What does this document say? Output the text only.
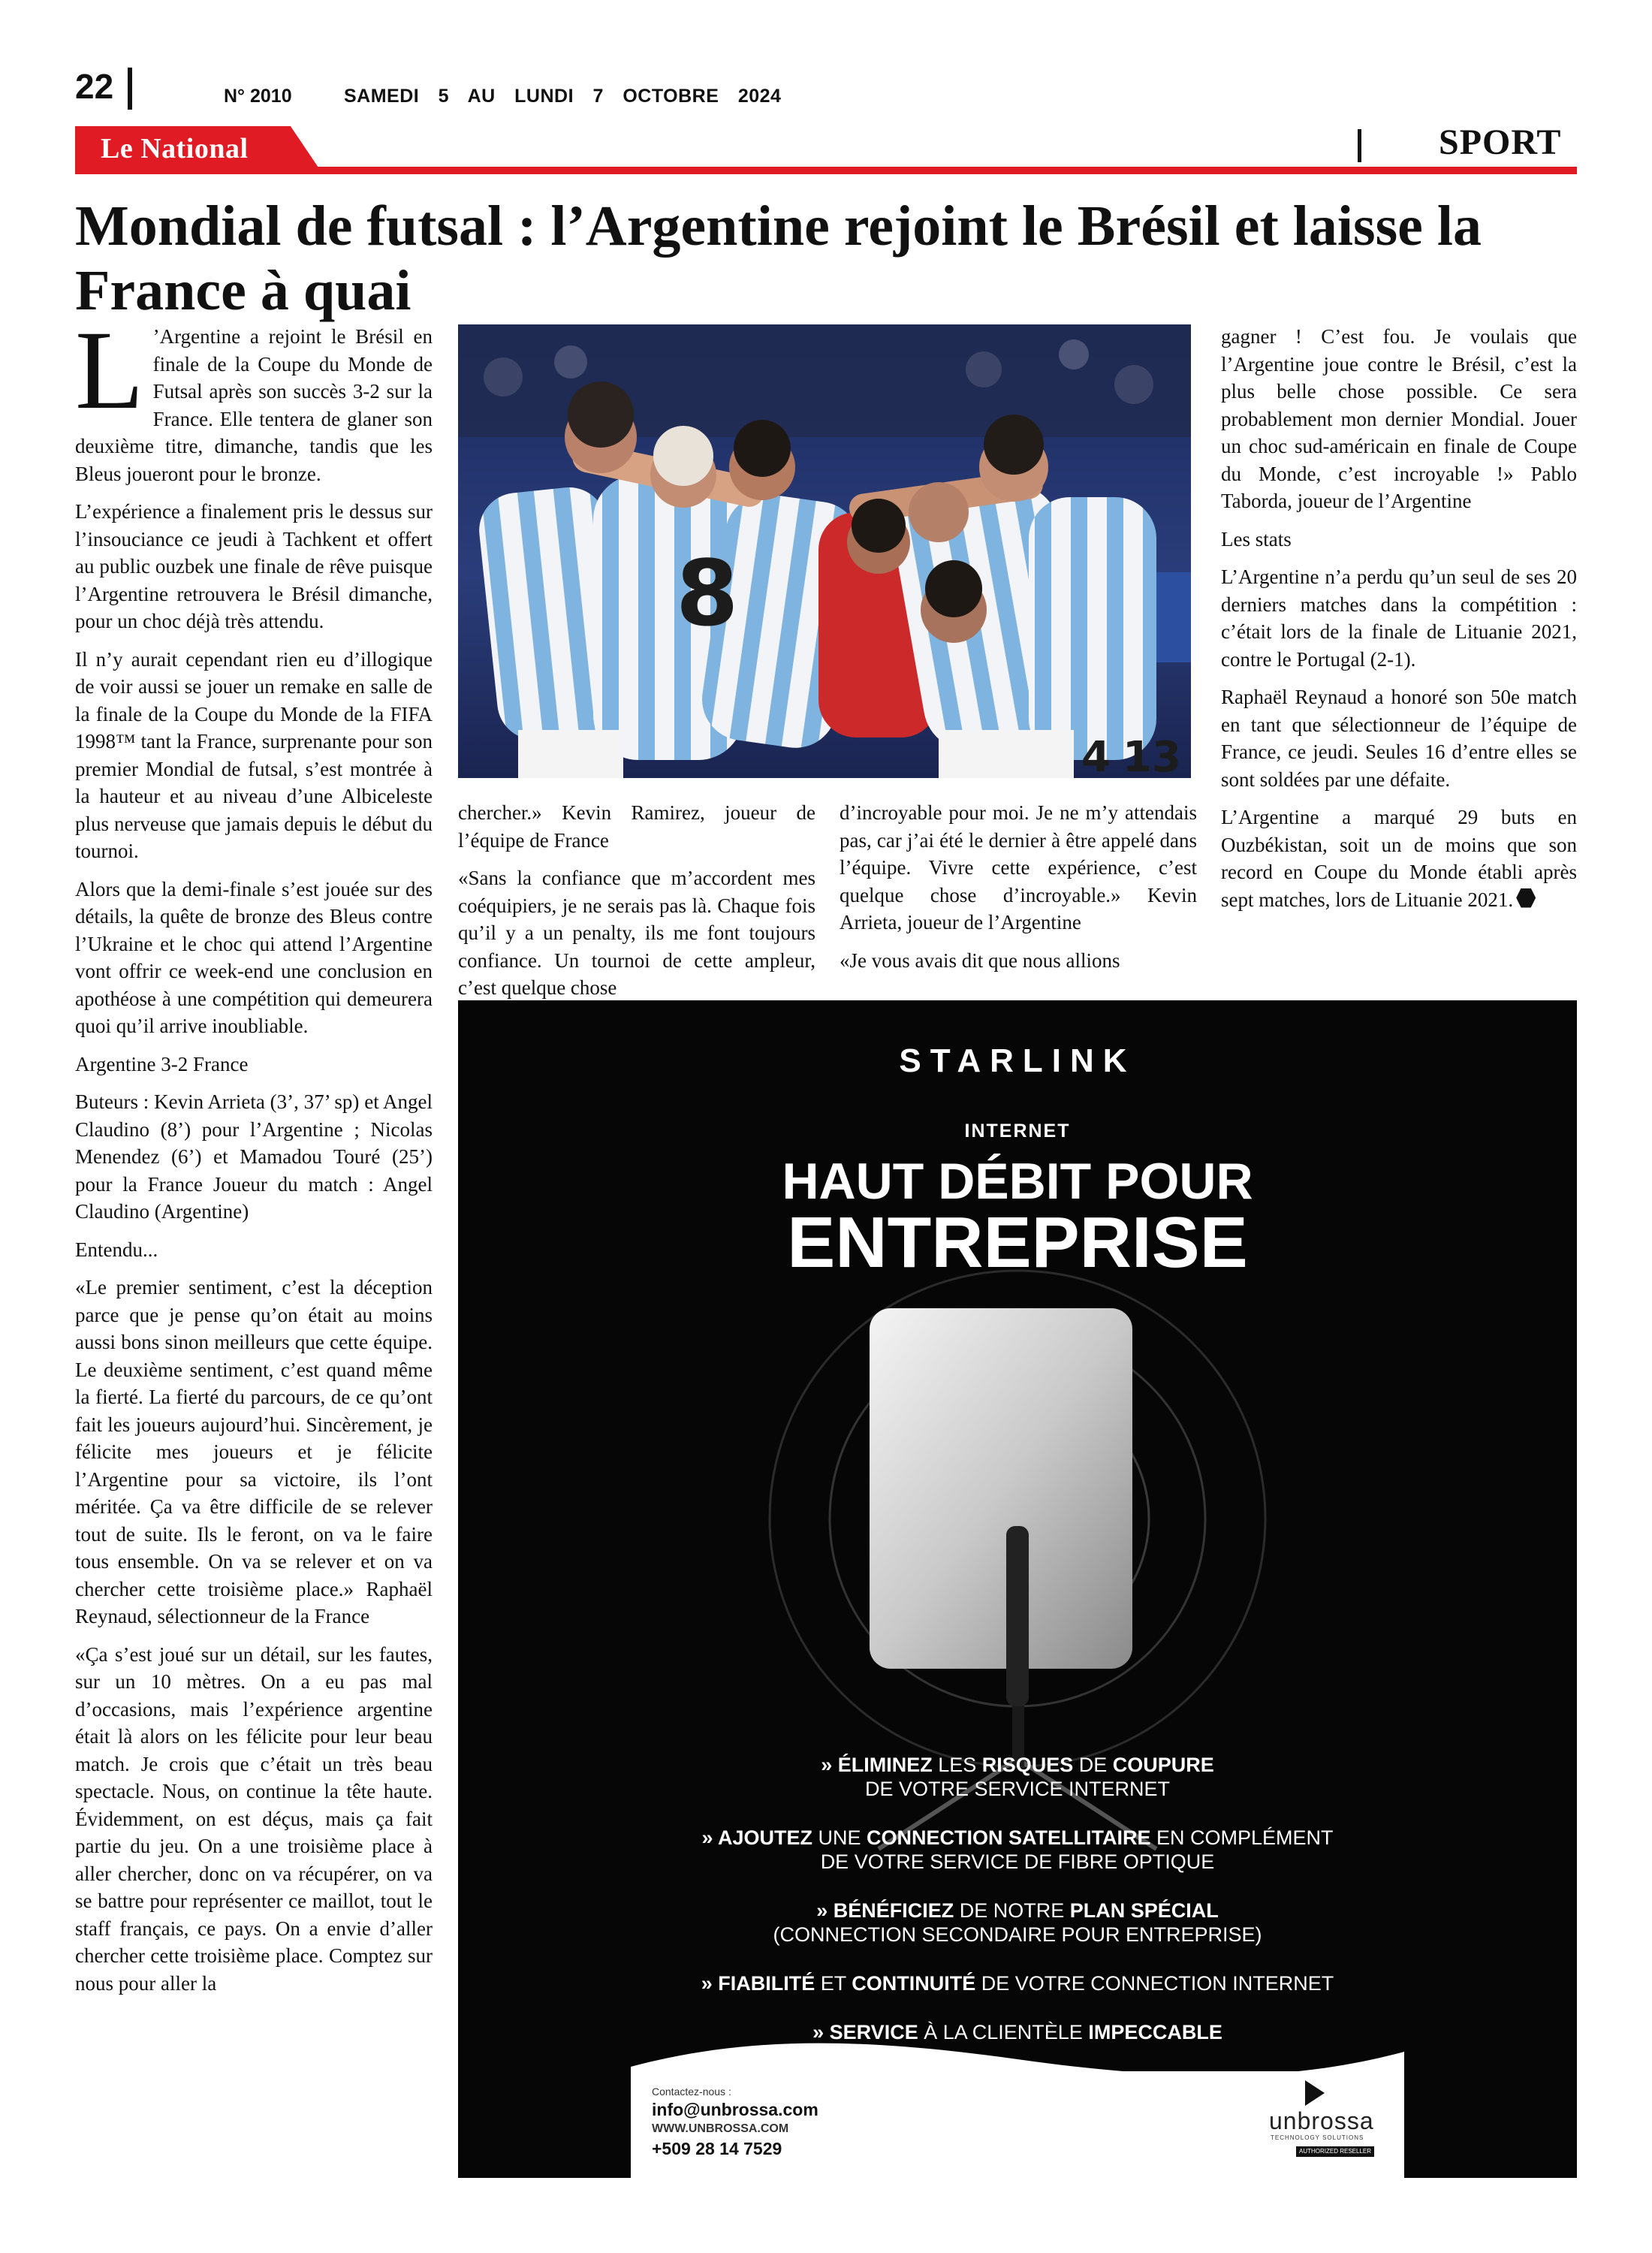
22	N° 2010	SAMEDI 5 AU LUNDI 7 OCTOBRE 2024
Le National	SPORT
Mondial de futsal : l’Argentine rejoint le Brésil et laisse la France à quai

L ’Argentine a rejoint le Brésil en finale de la Coupe du Monde de Futsal après son succès 3-2 sur la France. Elle tentera de glaner son deuxième titre, dimanche, tandis que les Bleus joueront pour le bronze.

L’expérience a finalement pris le dessus sur l’insouciance ce jeudi à Tachkent et offert au public ouzbek une finale de rêve puisque l’Argentine retrouvera le Brésil dimanche, pour un choc déjà très attendu.

Il n’y aurait cependant rien eu d’illogique de voir aussi se jouer un remake en salle de la finale de la Coupe du Monde de la FIFA 1998™ tant la France, surprenante pour son premier Mondial de futsal, s’est montrée à la hauteur et au niveau d’une Albiceleste plus nerveuse que jamais depuis le début du tournoi.

Alors que la demi-finale s’est jouée sur des détails, la quête de bronze des Bleus contre l’Ukraine et le choc qui attend l’Argentine vont offrir ce week-end une conclusion en apothéose à une compétition qui demeurera quoi qu’il arrive inoubliable.

Argentine 3-2 France

Buteurs : Kevin Arrieta (3’, 37’ sp) et Angel Claudino (8’) pour l’Argentine ; Nicolas Menendez (6’) et Mamadou Touré (25’) pour la France Joueur du match : Angel Claudino (Argentine)

Entendu...

«Le premier sentiment, c’est la déception parce que je pense qu’on était au moins aussi bons sinon meilleurs que cette équipe. Le deuxième sentiment, c’est quand même la fierté. La fierté du parcours, de ce qu’ont fait les joueurs aujourd’hui. Sincèrement, je félicite mes joueurs et je félicite l’Argentine pour sa victoire, ils l’ont méritée. Ça va être difficile de se relever tout de suite. Ils le feront, on va le faire tous ensemble. On va se relever et on va chercher cette troisième place.» Raphaël Reynaud, sélectionneur de la France

«Ça s’est joué sur un détail, sur les fautes, sur un 10 mètres. On a eu pas mal d’occasions, mais l’expérience argentine était là alors on les félicite pour leur beau match. Je crois que c’était un très beau spectacle. Nous, on continue la tête haute. Évidemment, on est déçus, mais ça fait partie du jeu. On a une troisième place à aller chercher, donc on va récupérer, on va se battre pour représenter ce maillot, tout le staff français, ce pays. On a envie d’aller chercher cette troisième place. Comptez sur nous pour aller la

8
4 13

chercher.» Kevin Ramirez, joueur de l’équipe de France

«Sans la confiance que m’accordent mes coéquipiers, je ne serais pas là. Chaque fois qu’il y a un penalty, ils me font toujours confiance. Un tournoi de cette ampleur, c’est quelque chose

d’incroyable pour moi. Je ne m’y attendais pas, car j’ai été le dernier à être appelé dans l’équipe. Vivre cette expérience, c’est quelque chose d’incroyable.» Kevin Arrieta, joueur de l’Argentine

«Je vous avais dit que nous allions

gagner ! C’est fou. Je voulais que l’Argentine joue contre le Brésil, c’est la plus belle chose possible. Ce sera probablement mon dernier Mondial. Jouer un choc sud-américain en finale de Coupe du Monde, c’est incroyable !» Pablo Taborda, joueur de l’Argentine

Les stats

L’Argentine n’a perdu qu’un seul de ses 20 derniers matches dans la compétition : c’était lors de la finale de Lituanie 2021, contre le Portugal (2-1).

Raphaël Reynaud a honoré son 50e match en tant que sélectionneur de l’équipe de France, ce jeudi. Seules 16 d’entre elles se sont soldées par une défaite.

L’Argentine a marqué 29 buts en Ouzbékistan, soit un de moins que son record en Coupe du Monde établi après sept matches, lors de Lituanie 2021.

STARLINK
INTERNET
HAUT DÉBIT POUR
ENTREPRISE
» ÉLIMINEZ LES RISQUES DE COUPURE
DE VOTRE SERVICE INTERNET
» AJOUTEZ UNE CONNECTION SATELLITAIRE EN COMPLÉMENT
DE VOTRE SERVICE DE FIBRE OPTIQUE
» BÉNÉFICIEZ DE NOTRE PLAN SPÉCIAL
(CONNECTION SECONDAIRE POUR ENTREPRISE)
» FIABILITÉ ET CONTINUITÉ DE VOTRE CONNECTION INTERNET
» SERVICE À LA CLIENTÈLE IMPECCABLE
Contactez-nous :
info@unbrossa.com
WWW.UNBROSSA.COM
+509 28 14 7529
unbrossa
TECHNOLOGY SOLUTIONS
AUTHORIZED RESELLER
